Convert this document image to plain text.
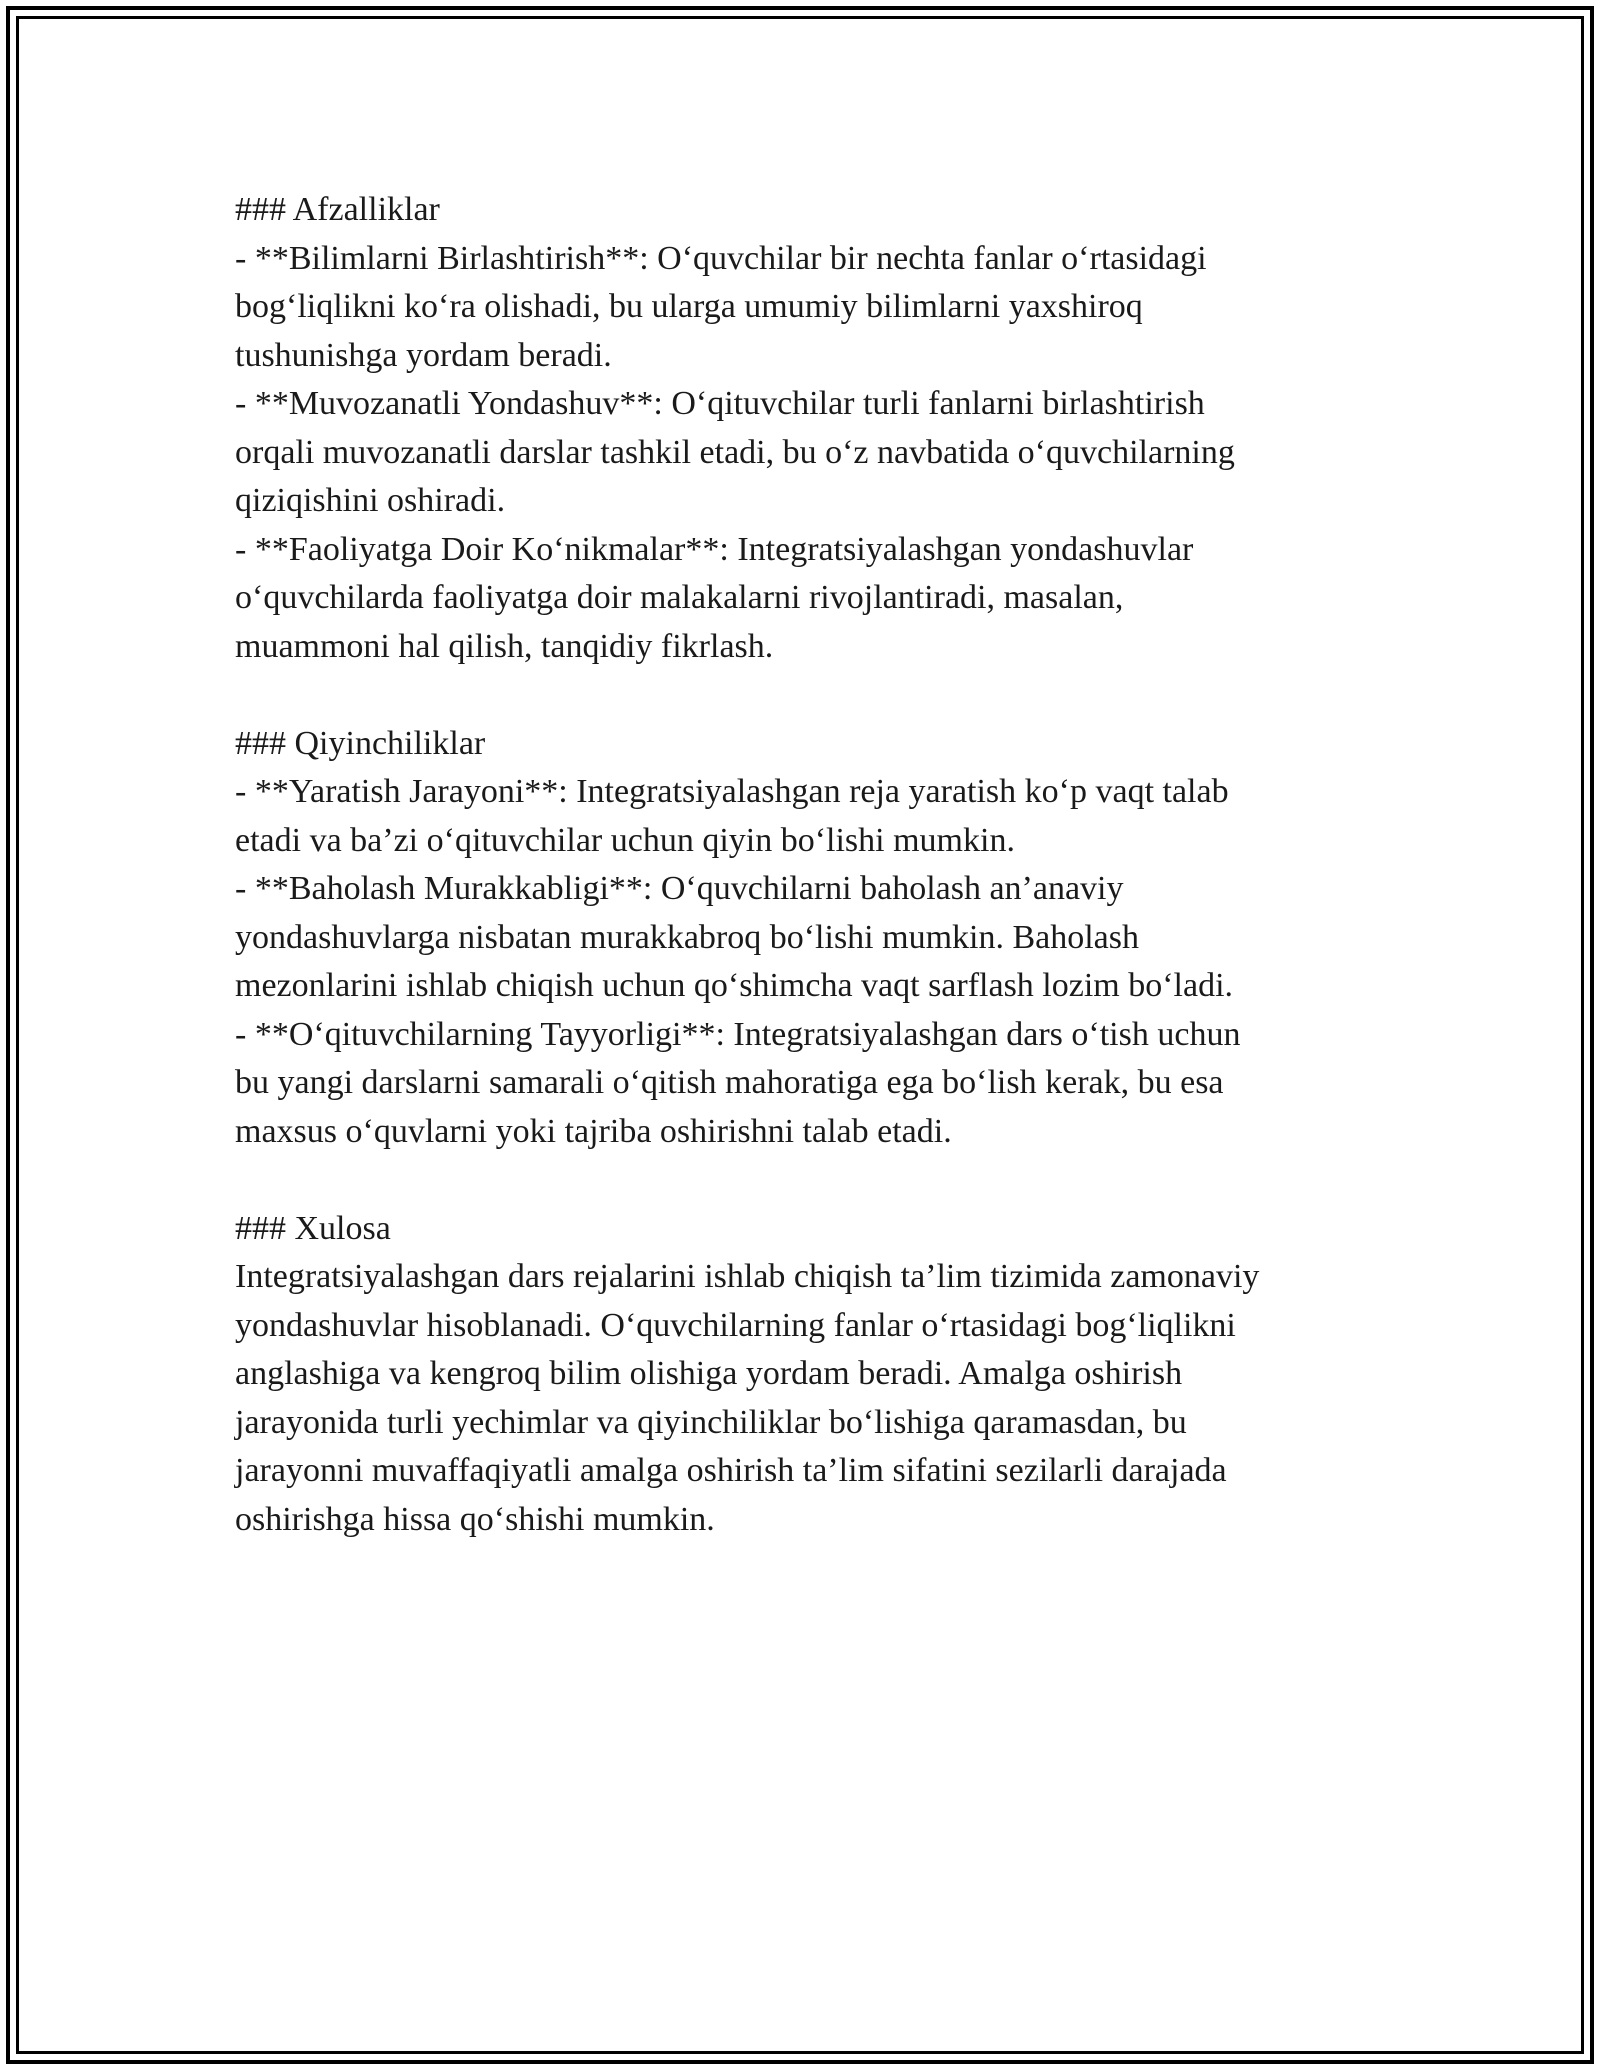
### Afzalliklar
- **Bilimlarni Birlashtirish**: O‘quvchilar bir nechta fanlar o‘rtasidagi
bog‘liqlikni ko‘ra olishadi, bu ularga umumiy bilimlarni yaxshiroq
tushunishga yordam beradi.
- **Muvozanatli Yondashuv**: O‘qituvchilar turli fanlarni birlashtirish
orqali muvozanatli darslar tashkil etadi, bu o‘z navbatida o‘quvchilarning
qiziqishini oshiradi.
- **Faoliyatga Doir Ko‘nikmalar**: Integratsiyalashgan yondashuvlar
o‘quvchilarda faoliyatga doir malakalarni rivojlantiradi, masalan,
muammoni hal qilish, tanqidiy fikrlash.
### Qiyinchiliklar
- **Yaratish Jarayoni**: Integratsiyalashgan reja yaratish ko‘p vaqt talab
etadi va ba’zi o‘qituvchilar uchun qiyin bo‘lishi mumkin.
- **Baholash Murakkabligi**: O‘quvchilarni baholash an’anaviy
yondashuvlarga nisbatan murakkabroq bo‘lishi mumkin. Baholash
mezonlarini ishlab chiqish uchun qo‘shimcha vaqt sarflash lozim bo‘ladi.
- **O‘qituvchilarning Tayyorligi**: Integratsiyalashgan dars o‘tish uchun
bu yangi darslarni samarali o‘qitish mahoratiga ega bo‘lish kerak, bu esa
maxsus o‘quvlarni yoki tajriba oshirishni talab etadi.
### Xulosa
Integratsiyalashgan dars rejalarini ishlab chiqish ta’lim tizimida zamonaviy
yondashuvlar hisoblanadi. O‘quvchilarning fanlar o‘rtasidagi bog‘liqlikni
anglashiga va kengroq bilim olishiga yordam beradi. Amalga oshirish
jarayonida turli yechimlar va qiyinchiliklar bo‘lishiga qaramasdan, bu
jarayonni muvaffaqiyatli amalga oshirish ta’lim sifatini sezilarli darajada
oshirishga hissa qo‘shishi mumkin.
